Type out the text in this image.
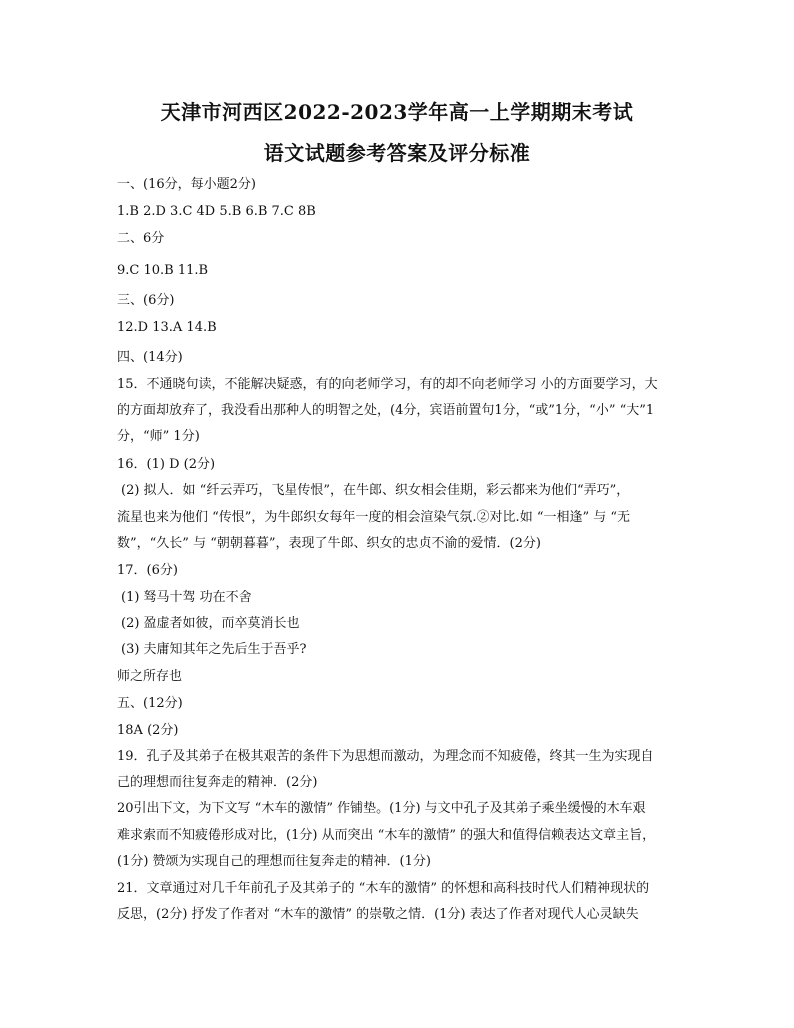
天津市河西区2022-2023学年高一上学期期末考试
语文试题参考答案及评分标准
一、(16分，每小题2分)
1.B 2.D 3.C 4D 5.B 6.B 7.C 8B
二、6分
9.C 10.B 11.B
三、(6分)
12.D 13.A 14.B
四、(14分)
15．不通晓句读，不能解决疑惑，有的向老师学习，有的却不向老师学习 小的方面要学习，大
的方面却放弃了，我没看出那种人的明智之处，(4分，宾语前置句1分，“或”1分，“小” “大”1
分，“师” 1分)
16．(1) D (2分)
(2) 拟人．如 “纤云弄巧，飞星传恨”，在牛郎、织女相会佳期，彩云都来为他们“弄巧”，
流星也来为他们 “传恨”，为牛郎织女每年一度的相会渲染气氛.②对比.如 “一相逢” 与 “无
数”，“久长” 与 “朝朝暮暮”，表现了牛郎、织女的忠贞不渝的爱情．(2分)
17．(6分)
(1) 驽马十驾 功在不舍
(2) 盈虚者如彼，而卒莫消长也
(3) 夫庸知其年之先后生于吾乎?
师之所存也
五、(12分)
18A (2分)
19．孔子及其弟子在极其艰苦的条件下为思想而激动，为理念而不知疲倦，终其一生为实现自
己的理想而往复奔走的精神．(2分)
20引出下文，为下文写 “木车的激情” 作铺垫。(1分) 与文中孔子及其弟子乘坐缓慢的木车艰
难求索而不知疲倦形成对比，(1分) 从而突出 “木车的激情” 的强大和值得信赖表达文章主旨，
(1分) 赞颂为实现自己的理想而往复奔走的精神．(1分)
21．文章通过对几千年前孔子及其弟子的 “木车的激情” 的怀想和高科技时代人们精神现状的
反思，(2分) 抒发了作者对 “木车的激情” 的崇敬之情．(1分) 表达了作者对现代人心灵缺失
